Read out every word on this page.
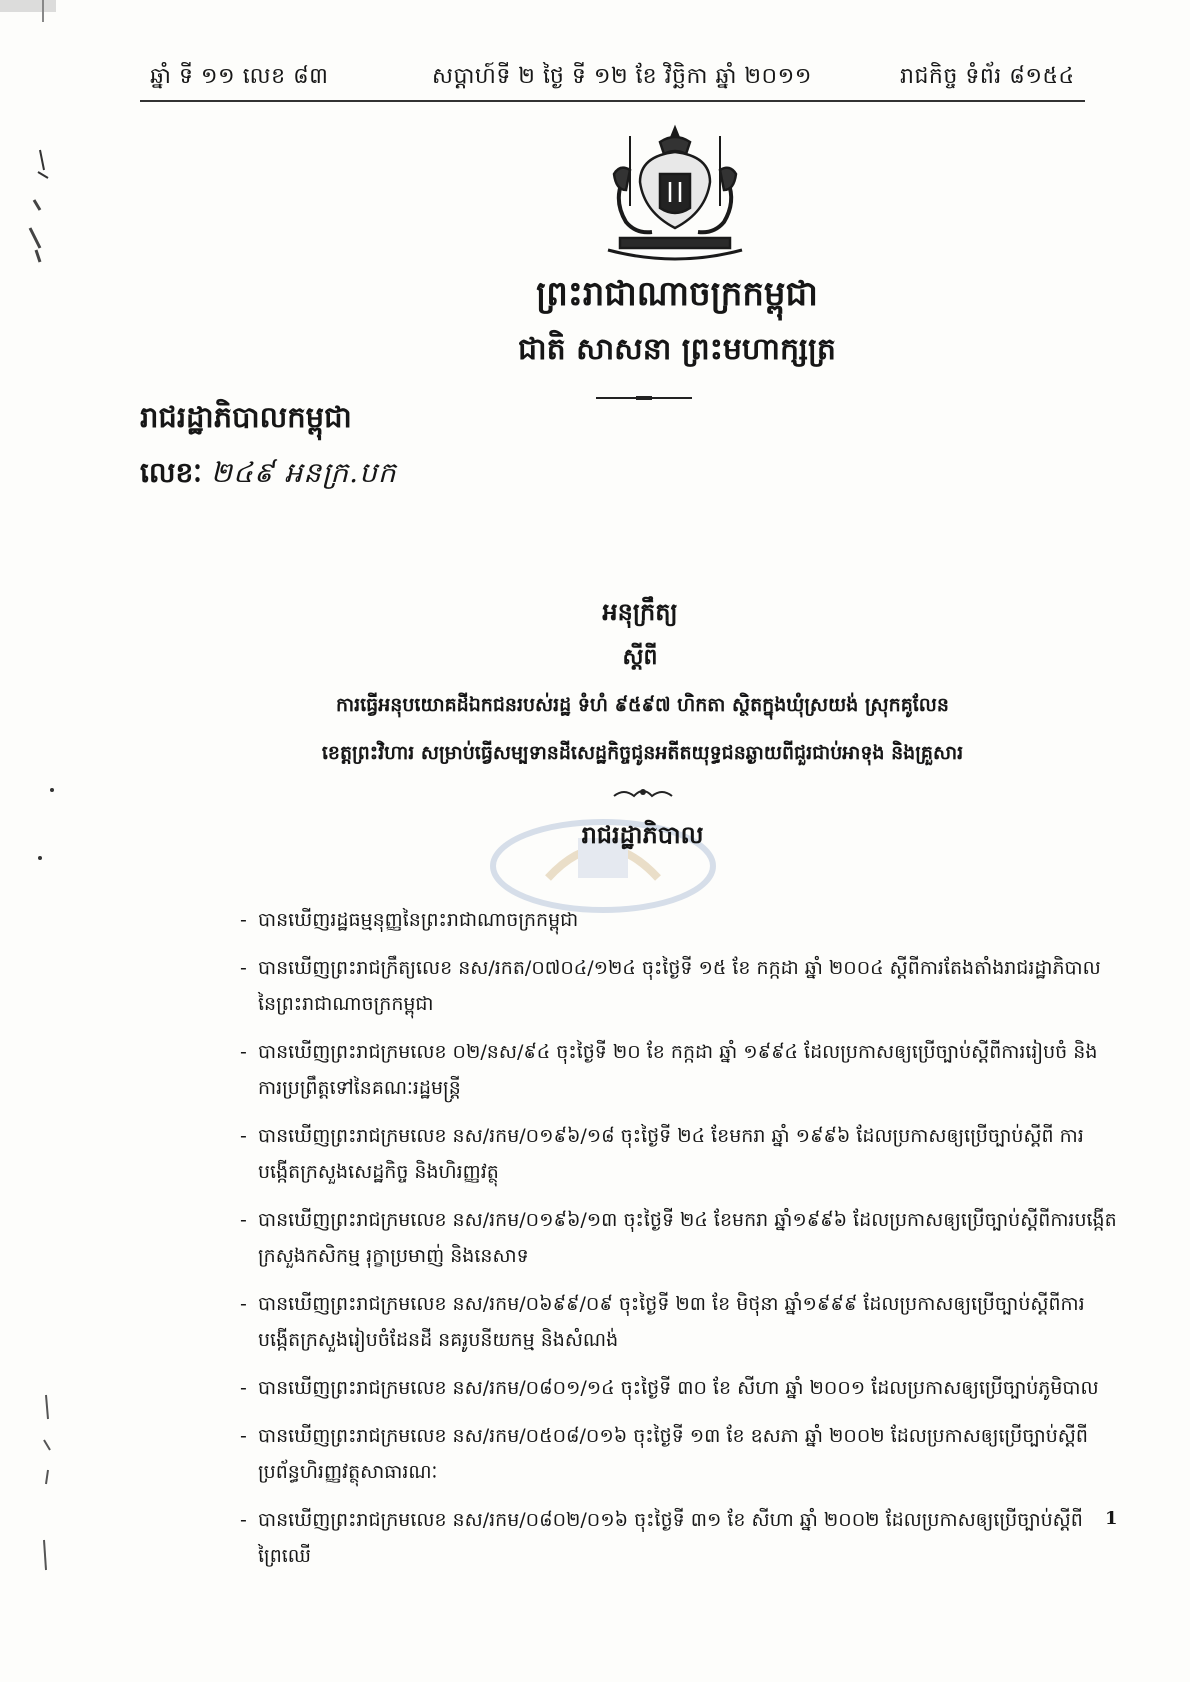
ឆ្នាំ ទី ១១ លេខ ៨៣	សប្ដាហ៍ទី ២ ថ្ងៃ ទី ១២ ខែ វិច្ឆិកា ឆ្នាំ ២០១១	រាជកិច្ច ទំព័រ ៨១៥៤
ព្រះរាជាណាចក្រកម្ពុជា
ជាតិ សាសនា ព្រះមហាក្សត្រ
រាជរដ្ឋាភិបាលកម្ពុជា
លេខៈ ២៤៩ អនក្រ.បក
អនុក្រឹត្យ
ស្ដីពី
ការធ្វើអនុបយោគដីឯកជនរបស់រដ្ឋ ទំហំ ៩៥៩៧ ហិកតា ស្ថិតក្នុងឃុំស្រយង់ ស្រុកគូលែន
ខេត្តព្រះវិហារ សម្រាប់ធ្វើសម្បទានដីសេដ្ឋកិច្ចជូនអតីតយុទ្ធជនឆ្ងាយពីជួរជាប់អាទុង និងគ្រួសារ
រាជរដ្ឋាភិបាល
- បានឃើញរដ្ឋធម្មនុញ្ញនៃព្រះរាជាណាចក្រកម្ពុជា
- បានឃើញព្រះរាជក្រឹត្យលេខ នស/រកត/០៧០៤/១២៤ ចុះថ្ងៃទី ១៥ ខែ កក្កដា ឆ្នាំ ២០០៤ ស្ដីពីការតែងតាំងរាជរដ្ឋាភិបាល នៃព្រះរាជាណាចក្រកម្ពុជា
- បានឃើញព្រះរាជក្រមលេខ ០២/នស/៩៤ ចុះថ្ងៃទី ២០ ខែ កក្កដា ឆ្នាំ ១៩៩៤ ដែលប្រកាសឲ្យប្រើច្បាប់ស្ដីពីការរៀបចំ និងការប្រព្រឹត្តទៅនៃគណៈរដ្ឋមន្ត្រី
- បានឃើញព្រះរាជក្រមលេខ នស/រកម/០១៩៦/១៨ ចុះថ្ងៃទី ២៤ ខែមករា ឆ្នាំ ១៩៩៦ ដែលប្រកាសឲ្យប្រើច្បាប់ស្ដីពី ការបង្កើតក្រសួងសេដ្ឋកិច្ច និងហិរញ្ញវត្ថុ
- បានឃើញព្រះរាជក្រមលេខ នស/រកម/០១៩៦/១៣ ចុះថ្ងៃទី ២៤ ខែមករា ឆ្នាំ១៩៩៦ ដែលប្រកាសឲ្យប្រើច្បាប់ស្ដីពីការបង្កើតក្រសួងកសិកម្ម រុក្ខាប្រមាញ់ និងនេសាទ
- បានឃើញព្រះរាជក្រមលេខ នស/រកម/០៦៩៩/០៩ ចុះថ្ងៃទី ២៣ ខែ មិថុនា ឆ្នាំ១៩៩៩ ដែលប្រកាសឲ្យប្រើច្បាប់ស្ដីពីការបង្កើតក្រសួងរៀបចំដែនដី នគរូបនីយកម្ម និងសំណង់
- បានឃើញព្រះរាជក្រមលេខ នស/រកម/០៨០១/១៤ ចុះថ្ងៃទី ៣០ ខែ សីហា ឆ្នាំ ២០០១ ដែលប្រកាសឲ្យប្រើច្បាប់ភូមិបាល
- បានឃើញព្រះរាជក្រមលេខ នស/រកម/០៥០៨/០១៦ ចុះថ្ងៃទី ១៣ ខែ ឧសភា ឆ្នាំ ២០០២ ដែលប្រកាសឲ្យប្រើច្បាប់ស្ដីពីប្រព័ន្ធហិរញ្ញវត្ថុសាធារណៈ
- បានឃើញព្រះរាជក្រមលេខ នស/រកម/០៨០២/០១៦ ចុះថ្ងៃទី ៣១ ខែ សីហា ឆ្នាំ ២០០២ ដែលប្រកាសឲ្យប្រើច្បាប់ស្ដីពីព្រៃឈើ
1
